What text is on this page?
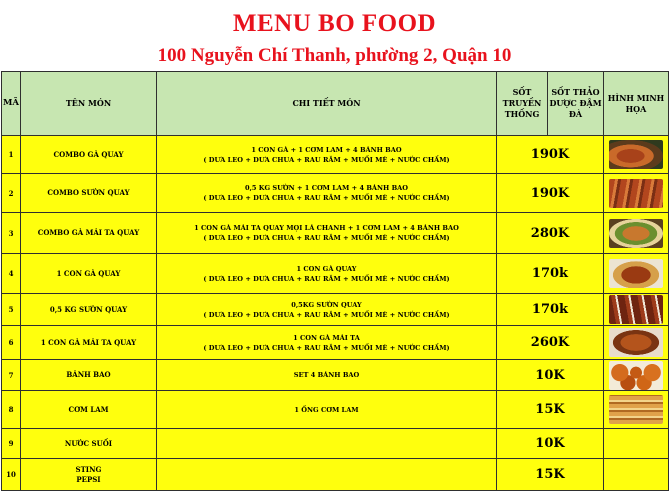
MENU BO FOOD
100 Nguyễn Chí Thanh, phường 2, Quận 10
MÃ	TÊN MÓN	CHI TIẾT MÓN	SỐT TRUYỀN THỐNG	SỐT THẢO DƯỢC ĐẬM ĐÀ	HÌNH MINH HỌA
1	COMBO GÀ QUAY	1 CON GÀ + 1 CƠM LAM + 4 BÁNH BAO
( DƯA LEO + DƯA CHUA + RAU RĂM + MUỐI MÈ + NƯỚC CHẤM)	190K		

2	COMBO SƯỜN QUAY	0,5 KG SƯỜN + 1 CƠM LAM + 4 BÁNH BAO
( DƯA LEO + DƯA CHUA + RAU RĂM + MUỐI MÈ + NƯỚC CHẤM)	190K		

3	COMBO GÀ MÁI TA QUAY	1 CON GÀ MÁI TA QUAY MỌI LÁ CHANH + 1 CƠM LAM + 4 BÁNH BAO
( DƯA LEO + DƯA CHUA + RAU RĂM + MUỐI MÈ + NƯỚC CHẤM)	280K		

4	1 CON GÀ QUAY	1 CON GÀ QUAY
( DƯA LEO + DƯA CHUA + RAU RĂM + MUỐI MÈ + NƯỚC CHẤM)	170k		

5	0,5 KG SƯỜN QUAY	0,5KG SƯỜN QUAY
( DƯA LEO + DƯA CHUA + RAU RĂM + MUỐI MÈ + NƯỚC CHẤM)	170k		

6	1 CON GÀ MÁI TA QUAY	1 CON GÀ MÁI TA
( DƯA LEO + DƯA CHUA + RAU RĂM + MUỐI MÈ + NƯỚC CHẤM)	260K		

7	BÁNH BAO	SET 4 BÁNH BAO	10K		

8	CƠM LAM	1 ỐNG CƠM LAM	15K		

9	NƯỚC SUỐI		10K		
10	STING
PEPSI		15K		
